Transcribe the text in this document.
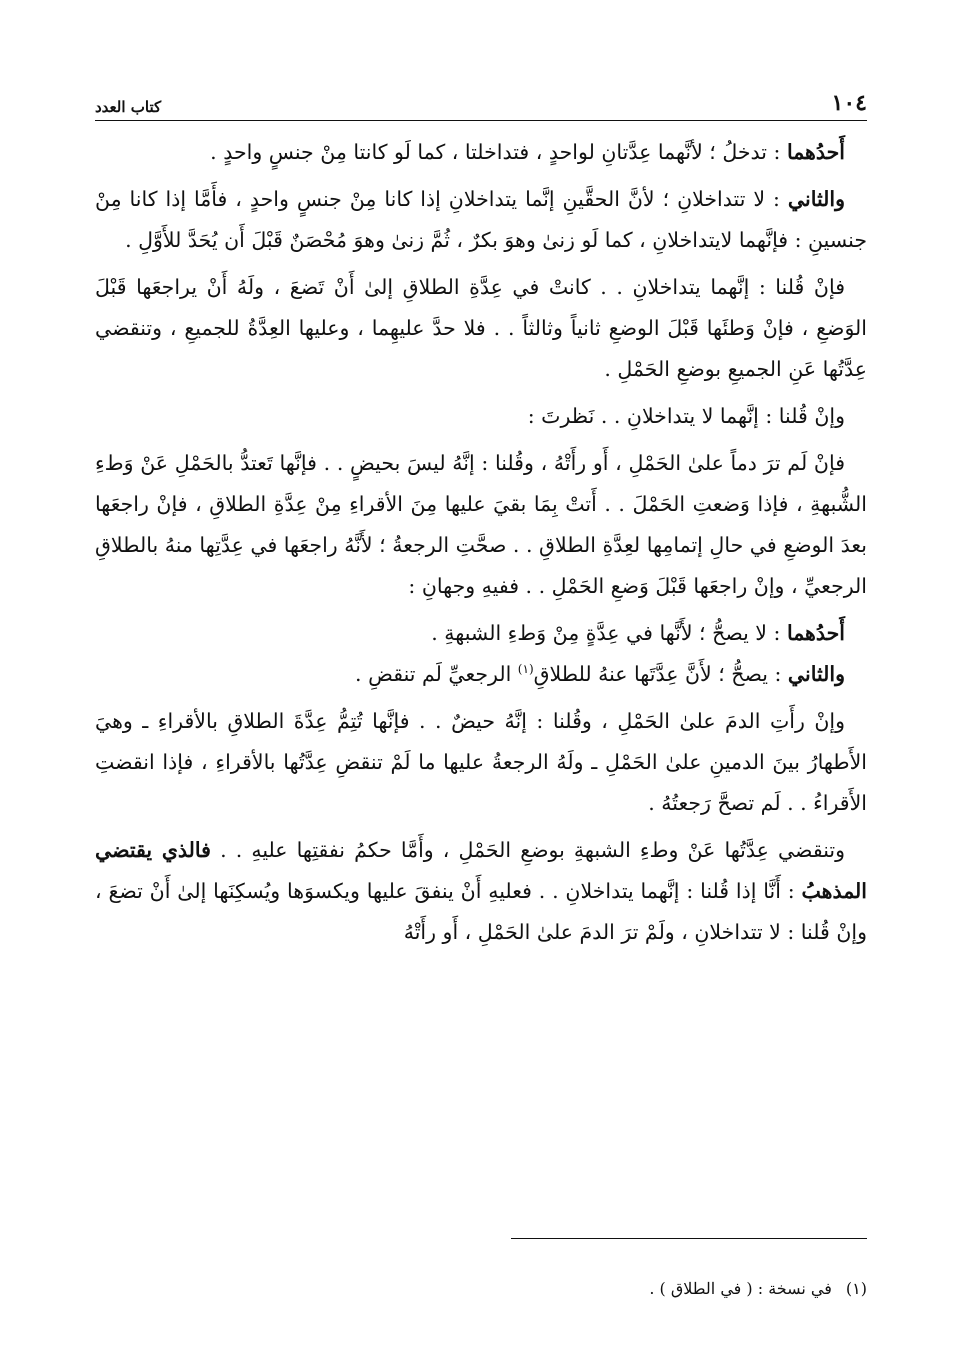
١٠٤
كتاب العدد

أَحدُهما : تدخلُ ؛ لأنَّهما عِدَّتانِ لواحدٍ ، فتداخلتا ، كما لَو كانتا مِنْ جنسٍ واحدٍ .

والثاني : لا تتداخلانِ ؛ لأنَّ الحقَّينِ إنَّما يتداخلانِ إذا كانا مِنْ جنسٍ واحدٍ ، فأَمَّا إذا كانا مِنْ جنسينِ : فإنَّهما لايتداخلانِ ، كما لَو زنىٰ وهوَ بكرٌ ، ثُمَّ زنىٰ وهوَ مُحْصَنٌ قَبْلَ أَن يُحَدَّ للأَوَّلِ .

فإنْ قُلنا : إنَّهما يتداخلانِ . . كانتْ في عِدَّةِ الطلاقِ إلىٰ أَنْ تَضعَ ، ولَهُ أَنْ يراجعَها قَبْلَ الوَضعِ ، فإنْ وَطئَها قَبْلَ الوضعِ ثانياً وثالثاً . . فلا حدَّ عليهِما ، وعليها العِدَّةُ للجميعِ ، وتنقضي عِدَّتُها عَنِ الجميعِ بوضعِ الحَمْلِ .

وإنْ قُلنا : إنَّهما لا يتداخلانِ . . نَظرتَ :

فإنْ لَم ترَ دماً علىٰ الحَمْلِ ، أَو رأَتْهُ ، وقُلنا : إنَّهُ ليسَ بحيضٍ . . فإنَّها تَعتدُّ بالحَمْلِ عَنْ وَطءِ الشُّبهةِ ، فإذا وَضعتِ الحَمْلَ . . أَتتْ بِمَا بقيَ عليها مِنَ الأقراءِ مِنْ عِدَّةِ الطلاقِ ، فإنْ راجعَها بعدَ الوضعِ في حالِ إتمامِها لعِدَّةِ الطلاقِ . . صحَّتِ الرجعةُ ؛ لأَنَّهُ راجعَها في عِدَّتِها منهُ بالطلاقِ الرجعيِّ ، وإنْ راجعَها قَبْلَ وَضعِ الحَمْلِ . . ففيهِ وجهانِ :

أَحدُهما : لا يصحُّ ؛ لأَنَّها في عِدَّةٍ مِنْ وَطءِ الشبهةِ .

والثاني : يصحُّ ؛ لأَنَّ عِدَّتَها عنهُ للطلاقِ$^{(١)}$ الرجعيِّ لَم تنقضِ .

وإنْ رأَتِ الدمَ علىٰ الحَمْلِ ، وقُلنا : إنَّهُ حيضٌ . . فإنَّها تُتِمُّ عِدَّةَ الطلاقِ بالأقراءِ ـ وهيَ الأَطهارُ بينَ الدمينِ علىٰ الحَمْلِ ـ ولَهُ الرجعةُ عليها ما لَمْ تنقضِ عِدَّتُها بالأقراءِ ، فإذا انقضتِ الأَقراءُ . . لَم تصحَّ رَجعتُهُ .

وتنقضي عِدَّتُها عَنْ وطءِ الشبهةِ بوضعِ الحَمْلِ ، وأَمَّا حكمُ نفقتِها عليهِ . . فالذي يقتضي المذهبُ : أَنَّا إذا قُلنا : إنَّهما يتداخلانِ . . فعليهِ أَنْ ينفقَ عليها ويكسوَها ويُسكِنَها إلىٰ أَنْ تضعَ ، وإنْ قُلنا : لا تتداخلانِ ، ولَمْ ترَ الدمَ علىٰ الحَمْلِ ، أَو رأَتْهُ

(١)في نسخة : ( في الطلاق ) .
